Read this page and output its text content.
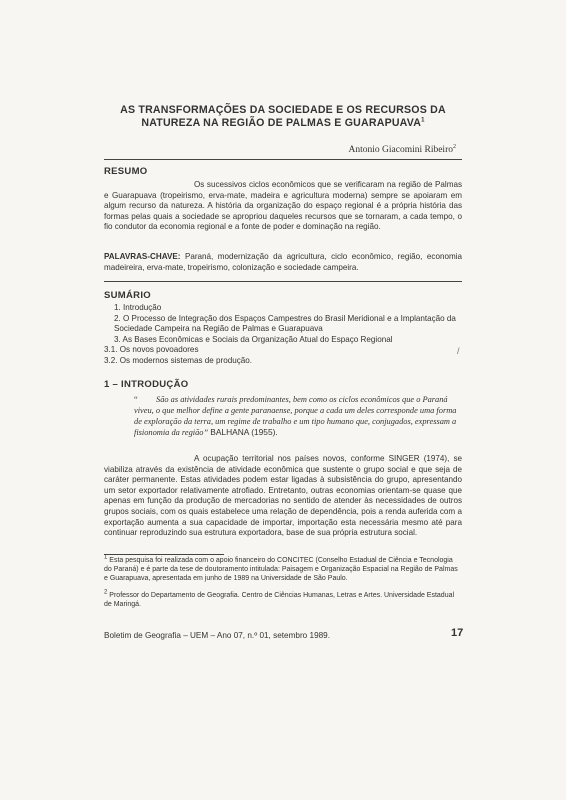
AS TRANSFORMAÇÕES DA SOCIEDADE E OS RECURSOS DA NATUREZA NA REGIÃO DE PALMAS E GUARAPUAVA$^1$
Antonio Giacomini Ribeiro$^2$
RESUMO
Os sucessivos ciclos econômicos que se verificaram na região de Palmas e Guarapuava (tropeirismo, erva-mate, madeira e agricultura moderna) sempre se apoiaram em algum recurso da natureza. A história da organização do espaço regional é a própria história das formas pelas quais a sociedade se apropriou daqueles recursos que se tornaram, a cada tempo, o fio condutor da economia regional e a fonte de poder e dominação na região.
PALAVRAS-CHAVE: Paraná, modernização da agricultura, ciclo econômico, região, economia madeireira, erva-mate, tropeirismo, colonização e sociedade campeira.
SUMÁRIO
1. Introdução
2. O Processo de Integração dos Espaços Campestres do Brasil Meridional e a Implantação da Sociedade Campeira na Região de Palmas e Guarapuava
3. As Bases Econômicas e Sociais da Organização Atual do Espaço Regional
3.1. Os novos povoadores
3.2. Os modernos sistemas de produção.
/
1 – INTRODUÇÃO
“ São as atividades rurais predominantes, bem como os ciclos econômicos que o Paraná viveu, o que melhor define a gente paranaense, porque a cada um deles corresponde uma forma de exploração da terra, um regime de trabalho e um tipo humano que, conjugados, expressam a fisionomia da região” BALHANA (1955).
A ocupação territorial nos países novos, conforme SINGER (1974), se viabiliza através da existência de atividade econômica que sustente o grupo social e que seja de caráter permanente. Estas atividades podem estar ligadas à subsistência do grupo, apresentando um setor exportador relativamente atrofiado. Entretanto, outras economias orientam-se quase que apenas em função da produção de mercadorias no sentido de atender às necessidades de outros grupos sociais, com os quais estabelece uma relação de dependência, pois a renda auferida com a exportação aumenta a sua capacidade de importar, importação esta necessária mesmo até para continuar reproduzindo sua estrutura exportadora, base de sua própria estrutura social.
$^1$ Esta pesquisa foi realizada com o apoio financeiro do CONCITEC (Conselho Estadual de Ciência e Tecnologia do Paraná) e é parte da tese de doutoramento intitulada: Paisagem e Organização Espacial na Região de Palmas e Guarapuava, apresentada em junho de 1989 na Universidade de São Paulo.
$^2$ Professor do Departamento de Geografia. Centro de Ciências Humanas, Letras e Artes. Universidade Estadual de Maringá.
Boletim de Geografia – UEM – Ano 07, n.º 01, setembro 1989.	17
